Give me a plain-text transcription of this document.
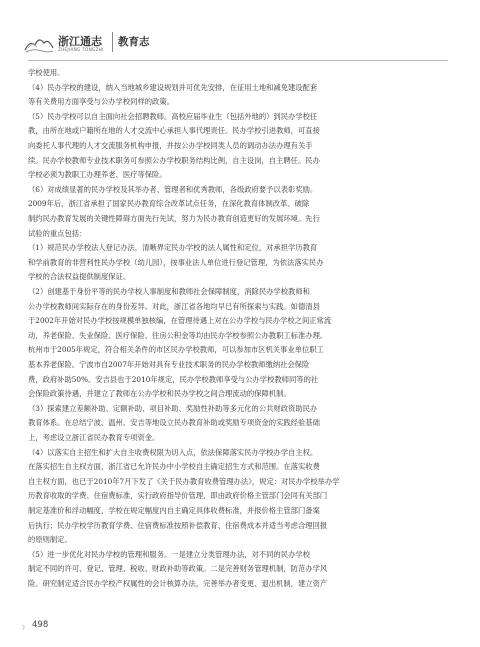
浙江通志
ZHEJIANG TONGZHI
教育志
学校使用。
（4）民办学校的建设，纳入当地城乡建设规划并可优先安排，在征用土地和减免建设配套
等有关费用方面享受与公办学校同样的政策。
（5）民办学校可以自主面向社会招聘教师。高校应届毕业生（包括外地的）到民办学校任
教，由所在地或户籍所在地的人才交流中心承担人事代理责任。民办学校引进教师，可直接
向委托人事代理的人才交流服务机构申报，并按公办学校同类人员的调动办法办理有关手
续。民办学校教师专业技术职务可参照公办学校职务结构比例，自主设岗，自主聘任。民办
学校必须为教职工办理养老、医疗等保险。
（6）对成绩显著的民办学校及其举办者、管理者和优秀教师，各级政府要予以表彰奖励。
2009年后，浙江省承担了国家民办教育综合改革试点任务，在深化教育体制改革、破除
制约民办教育发展的关键性障碍方面先行先试，努力为民办教育创造更好的发展环境。先行
试验的重点包括：
（1）规范民办学校法人登记办法，清晰界定民办学校的法人属性和定位，对承担学历教育
和学前教育的非营利性民办学校（幼儿园），按事业法人单位进行登记管理，为依法落实民办
学校的合法权益提供制度保证。
（2）创建基于身份平等的民办学校人事制度和教师社会保障制度，消除民办学校教师和
公办学校教师间实际存在的身份差异。对此，浙江省各地均早已有所探索与实践。如德清县
于2002年开始对民办学校按规模单独核编，在管理待遇上对在公办学校与民办学校之间正常流
动，养老保险、失业保险、医疗保险、住房公积金等均由民办学校参照公办教职工标准办理。
杭州市于2005年规定，符合相关条件的市区民办学校教师，可以参加市区机关事业单位职工
基本养老保险。宁波市自2007年开始对具有专业技术职务的民办学校教师缴纳社会保险
费，政府补助50%。安吉县也于2010年规定，民办学校教师享受与公办学校教师同等的社
会保险政策待遇，并建立了教师在公办学校和民办学校之间合理流动的保障机制。
（3）探索建立差额补助、定额补助、项目补助、奖励性补助等多元化的公共财政资助民办
教育体系。在总结宁波、温州、安吉等地设立民办教育补助或奖励专项资金的实践经验基础
上，考虑设立浙江省民办教育专项资金。
（4）以落实自主招生和扩大自主收费权限为切入点，依法保障落实民办学校办学自主权。
在落实招生自主权方面，浙江省已允许民办中小学校自主确定招生方式和范围。在落实收费
自主权方面，也已于2010年7月下发了《关于民办教育收费管理办法》，规定：对民办学校举办学
历教育收取的学费、住宿费标准，实行政府指导价管理，即由政府价格主管部门会同有关部门
制定基准价和浮动幅度，学校在规定幅度内自主确定具体收费标准，并报价格主管部门备案
后执行；民办学校学历教育学费、住宿费标准按照补偿教育、住宿费成本并适当考虑合理回报
的原则制定。
（5）进一步优化对民办学校的管理和服务。一是建立分类管理办法，对不同的民办学校
制定不同的许可、登记、管理、税收、财政补助等政策。二是完善财务管理机制，防范办学风
险。研究制定适合民办学校产权属性的会计核算办法，完善举办者变更、退出机制，建立资产
》 498
